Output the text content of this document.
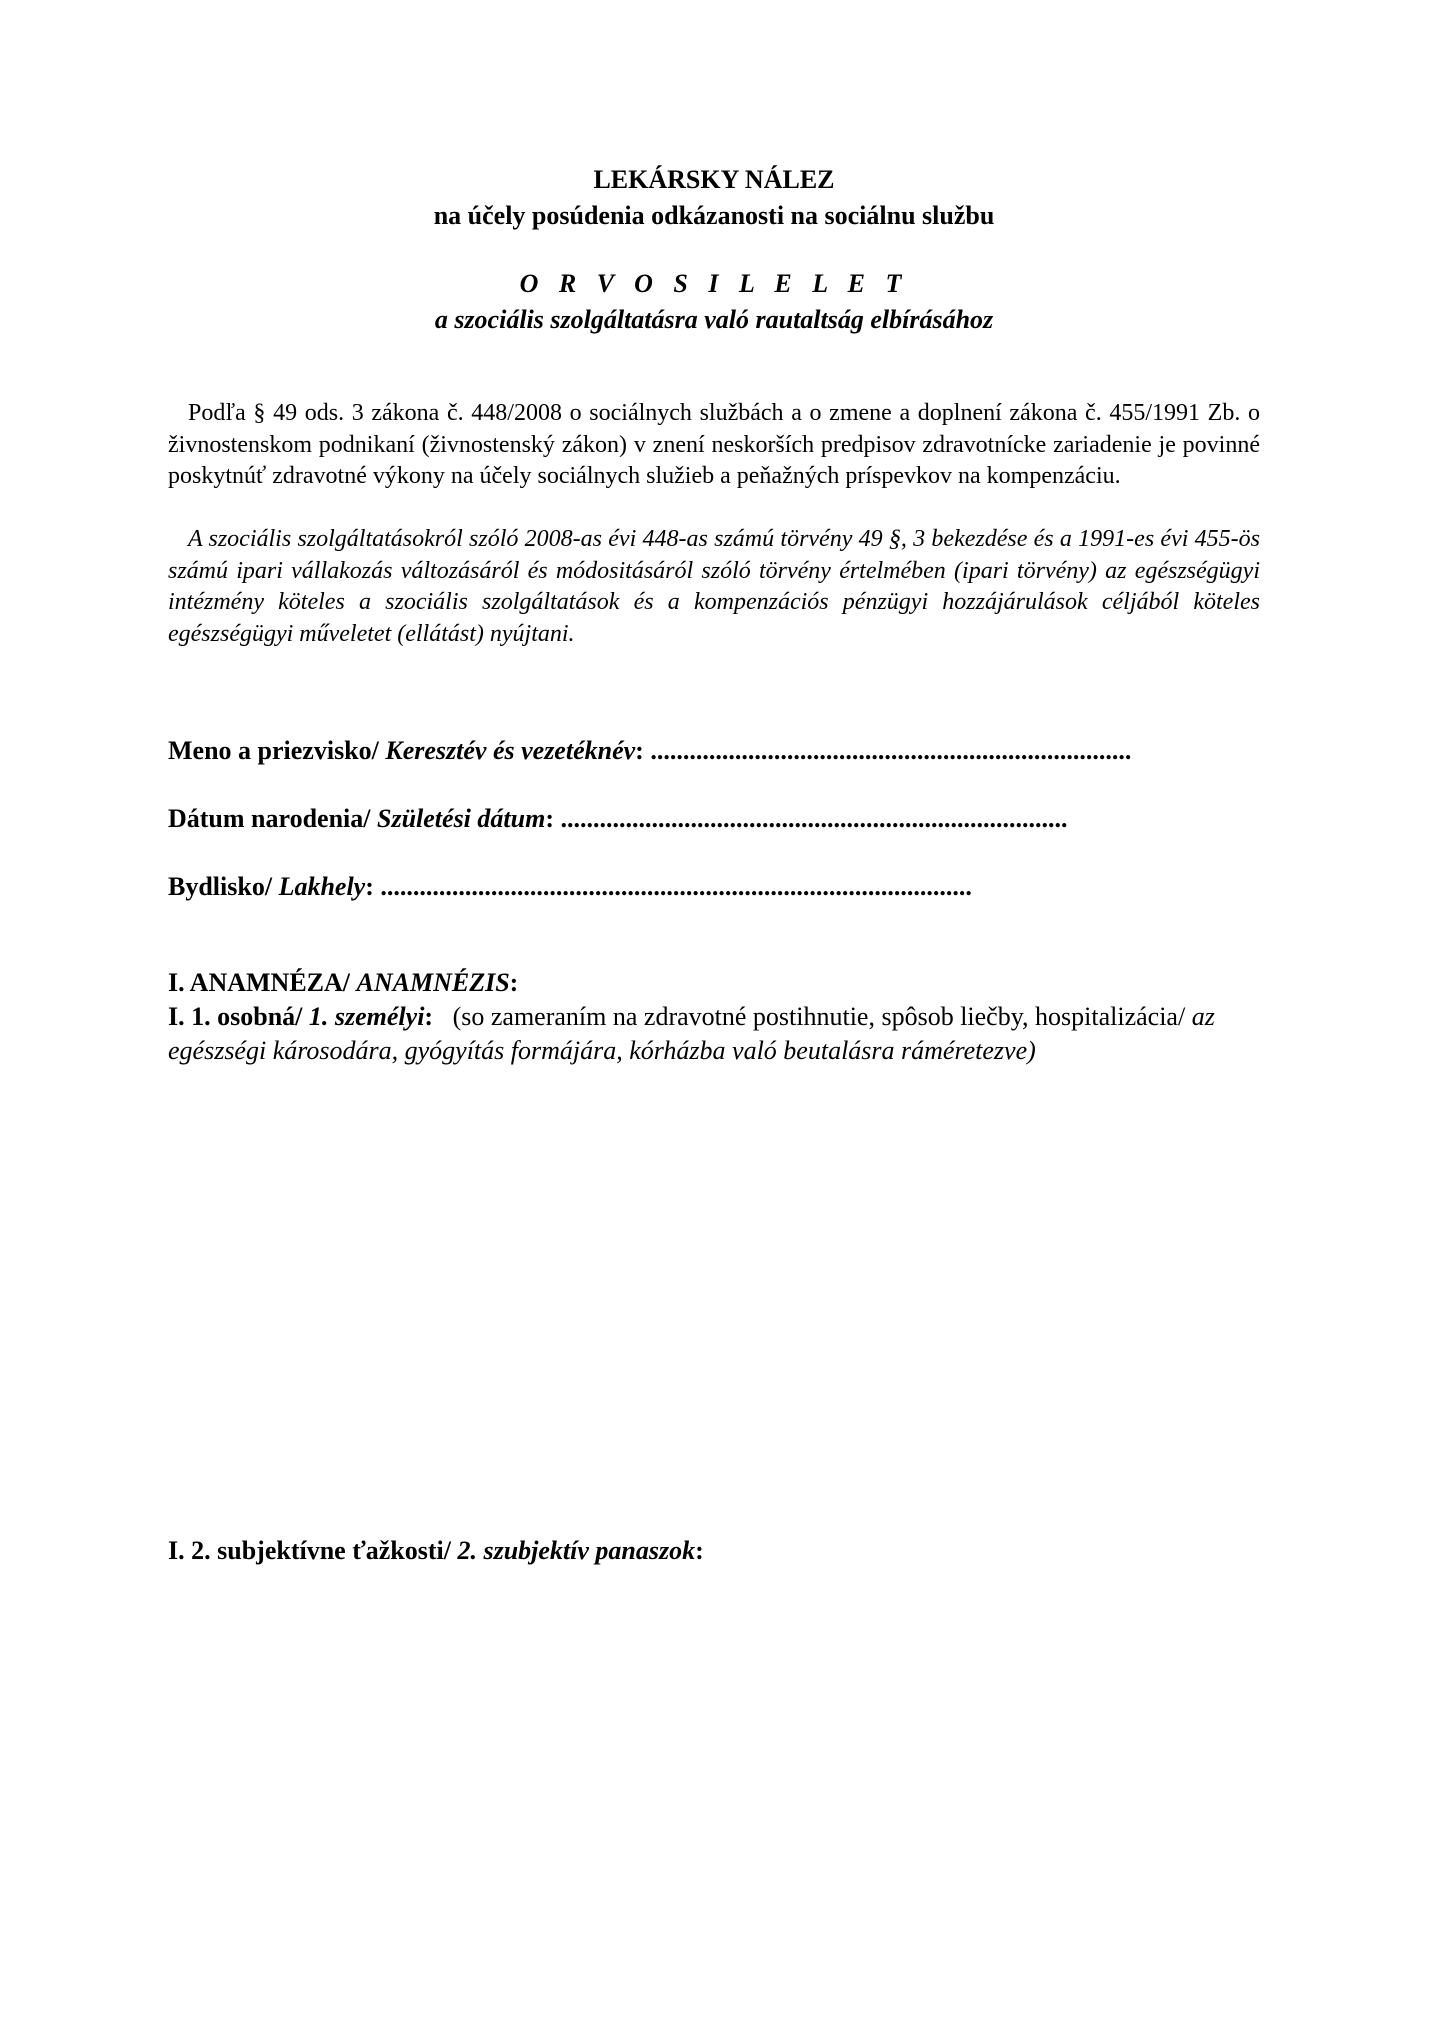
LEKÁRSKY NÁLEZ
na účely posúdenia odkázanosti na sociálnu službu
O R V O S I L E L E T
a szociális szolgáltatásra való rautaltság elbírásához

Podľa § 49 ods. 3 zákona č. 448/2008 o sociálnych službách a o zmene a doplnení zákona č. 455/1991 Zb. o živnostenskom podnikaní (živnostenský zákon) v znení neskorších predpisov zdravotnícke zariadenie je povinné poskytnúť zdravotné výkony na účely sociálnych služieb a peňažných príspevkov na kompenzáciu.

A szociális szolgáltatásokról szóló 2008-as évi 448-as számú törvény 49 §, 3 bekezdése és a 1991-es évi 455-ös számú ipari vállakozás változásáról és módositásáról szóló törvény értelmében (ipari törvény) az egészségügyi intézmény köteles a szociális szolgáltatások és a kompenzációs pénzügyi hozzájárulások céljából köteles egészségügyi műveletet (ellátást) nyújtani.

Meno a priezvisko/ Keresztév és vezetéknév: ..........................................................................
Dátum narodenia/ Születési dátum: ..............................................................................
Bydlisko/ Lakhely: ...........................................................................................
I. ANAMNÉZA/ ANAMNÉZIS:

I. 1. osobná/ 1. személyi: (so zameraním na zdravotné postihnutie, spôsob liečby, hospitalizácia/ az egészségi károsodára, gyógyítás formájára, kórházba való beutalásra ráméretezve)

I. 2. subjektívne ťažkosti/ 2. szubjektív panaszok:
